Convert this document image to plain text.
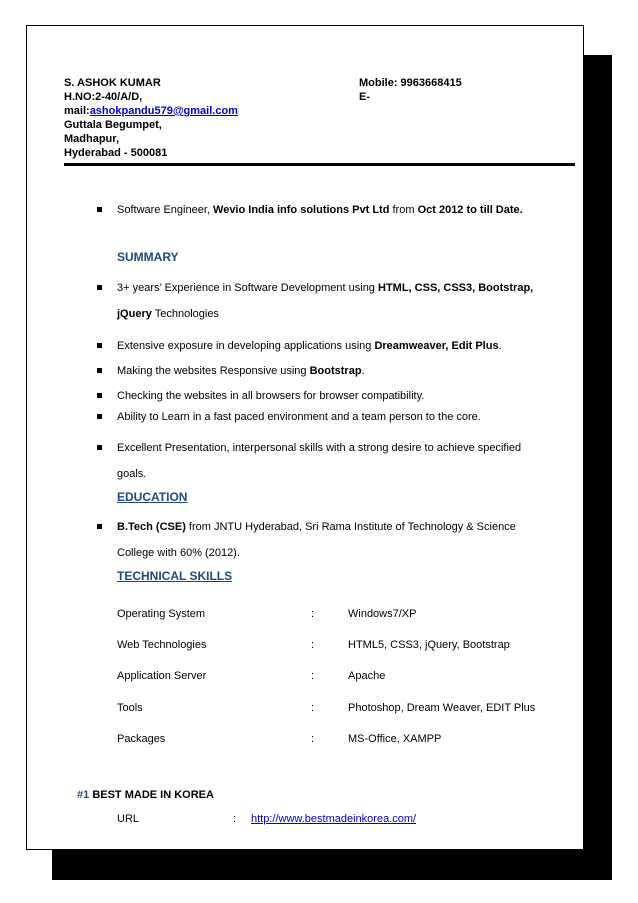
S. ASHOK KUMAR	Mobile: 9963668415
H.NO:2-40/A/D,	E-
mail:ashokpandu579@gmail.com
Guttala Begumpet,
Madhapur,
Hyderabad - 500081
Software Engineer, Wevio India info solutions Pvt Ltd from Oct 2012 to till Date.
SUMMARY
3+ years’ Experience in Software Development using HTML, CSS, CSS3, Bootstrap,
jQuery Technologies
Extensive exposure in developing applications using Dreamweaver, Edit Plus.
Making the websites Responsive using Bootstrap.
Checking the websites in all browsers for browser compatibility.
Ability to Learn in a fast paced environment and a team person to the core.
Excellent Presentation, interpersonal skills with a strong desire to achieve specified
goals.
EDUCATION
B.Tech (CSE) from JNTU Hyderabad, Sri Rama Institute of Technology & Science
College with 60% (2012).
TECHNICAL SKILLS
Operating System	:	Windows7/XP
Web Technologies	:	HTML5, CSS3, jQuery, Bootstrap
Application Server	:	Apache
Tools	:	Photoshop, Dream Weaver, EDIT Plus
Packages	:	MS-Office, XAMPP
#1 BEST MADE IN KOREA
URL	: http://www.bestmadeinkorea.com/
